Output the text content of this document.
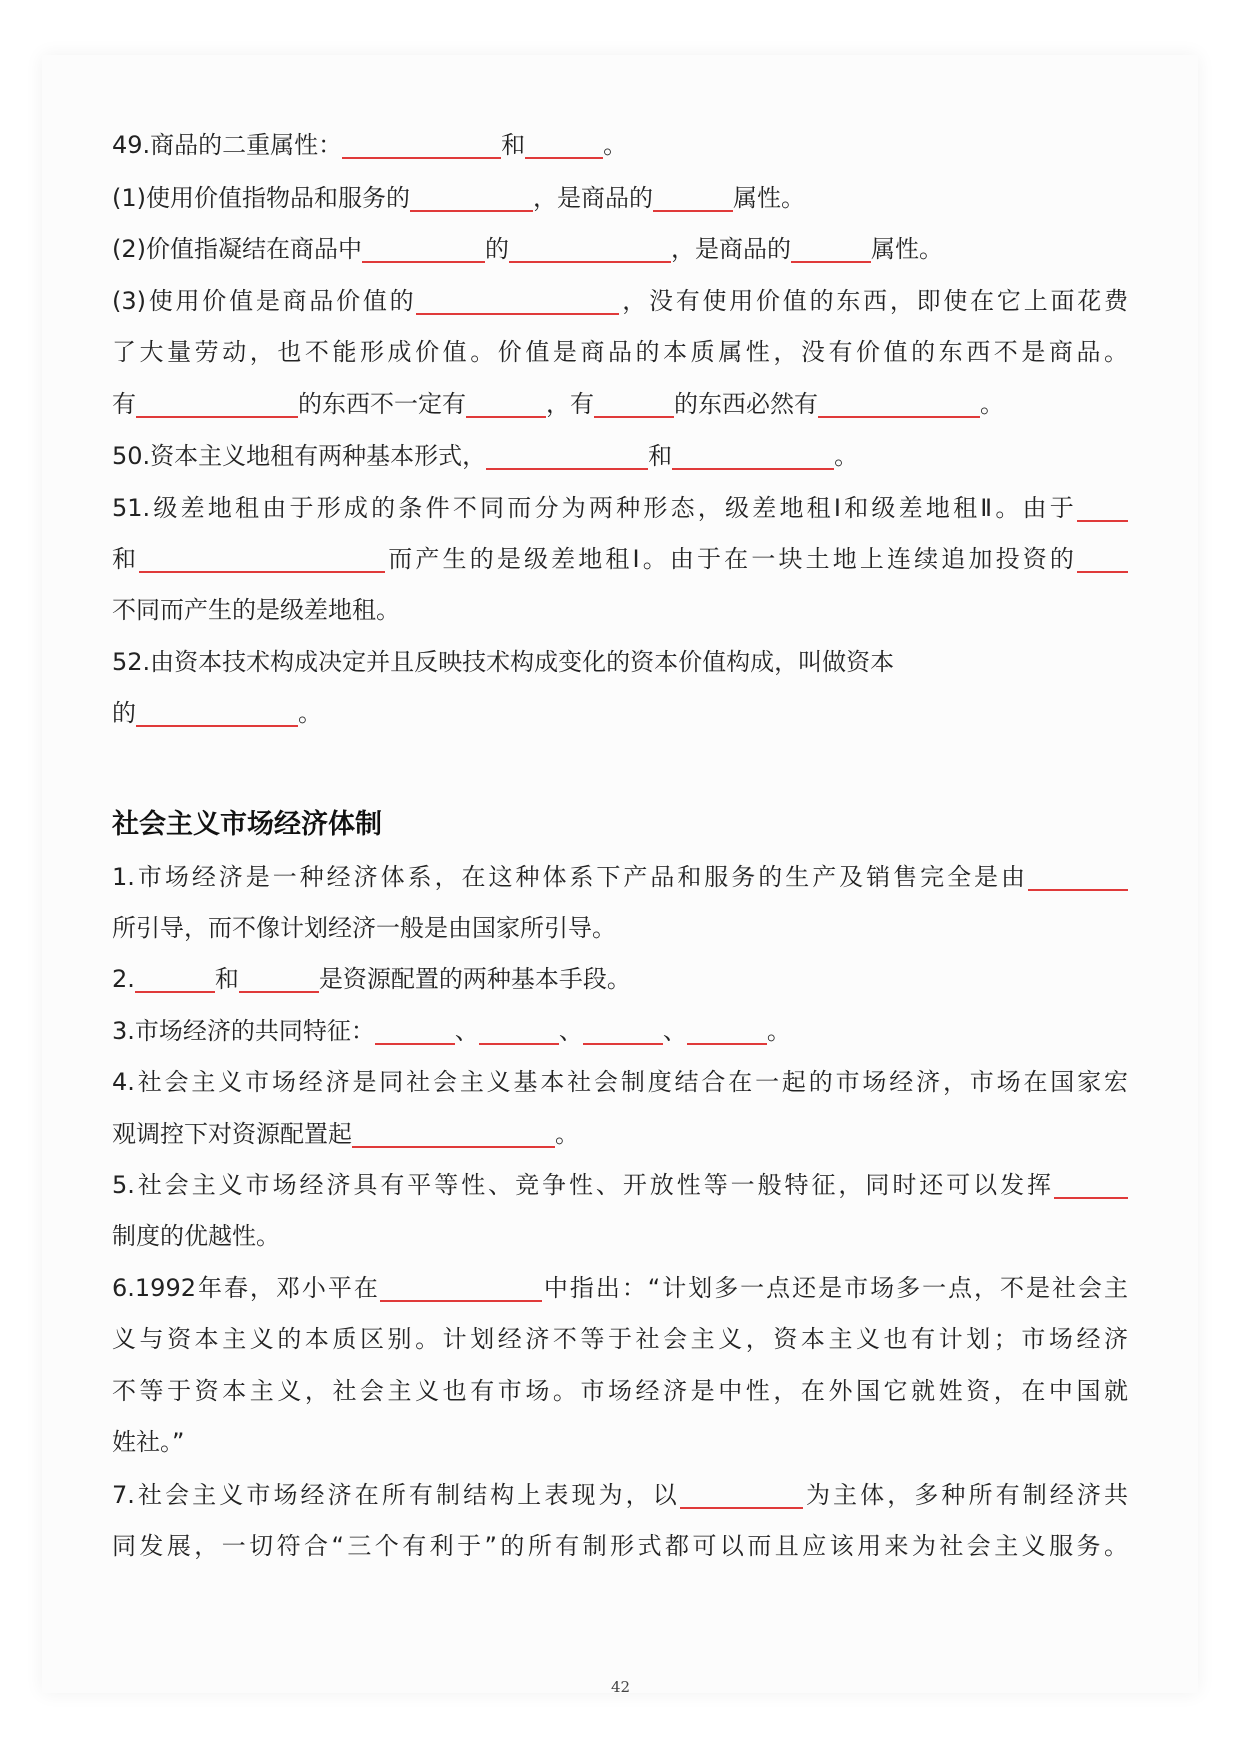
49.商品的二重属性：	和	。
(1)使用价值指物品和服务的	，是商品的	属性。
(2)价值指凝结在商品中	的	，是商品的	属性。
(3)使用价值是商品价值的	，没有使用价值的东西，即使在它上面花费
了大量劳动，也不能形成价值。价值是商品的本质属性，没有价值的东西不是商品。
有	的东西不一定有	，有	的东西必然有	。
50.资本主义地租有两种基本形式，	和	。
51.级差地租由于形成的条件不同而分为两种形态，级差地租Ⅰ和级差地租Ⅱ。由于
和	而产生的是级差地租Ⅰ。由于在一块土地上连续追加投资的
不同而产生的是级差地租。
52.由资本技术构成决定并且反映技术构成变化的资本价值构成，叫做资本
的	。
1.市场经济是一种经济体系，在这种体系下产品和服务的生产及销售完全是由
所引导，而不像计划经济一般是由国家所引导。
2.	和	是资源配置的两种基本手段。
3.市场经济的共同特征：	、	、	、	。
4.社会主义市场经济是同社会主义基本社会制度结合在一起的市场经济，市场在国家宏
观调控下对资源配置起	。
5.社会主义市场经济具有平等性、竞争性、开放性等一般特征，同时还可以发挥
制度的优越性。
6.1992年春，邓小平在	中指出：“计划多一点还是市场多一点，不是社会主
义与资本主义的本质区别。计划经济不等于社会主义，资本主义也有计划；市场经济
不等于资本主义，社会主义也有市场。市场经济是中性，在外国它就姓资，在中国就
姓社。”
7.社会主义市场经济在所有制结构上表现为，以	为主体，多种所有制经济共
同发展，一切符合“三个有利于”的所有制形式都可以而且应该用来为社会主义服务。
社会主义市场经济体制
42
